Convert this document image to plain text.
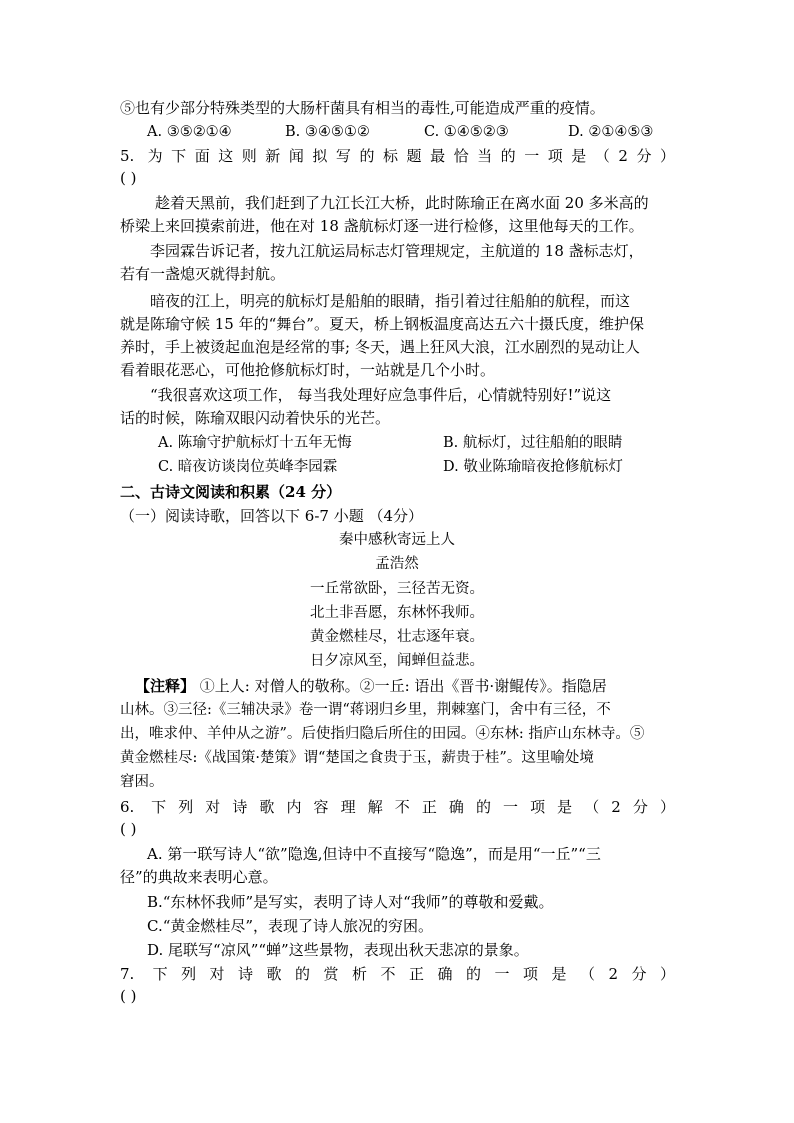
⑤也有少部分特殊类型的大肠杆菌具有相当的毒性,可能造成严重的疫情。
A. ③⑤②①④	B. ③④⑤①②	C. ①④⑤②③	D. ②①④⑤③
5. 为下面这则新闻拟写的标题最恰当的一项是（2分）
( )
趁着天黑前，我们赶到了九江长江大桥，此时陈瑜正在离水面 20 多米高的
桥梁上来回摸索前进，他在对 18 盏航标灯逐一进行检修，这里他每天的工作。
李园霖告诉记者，按九江航运局标志灯管理规定，主航道的 18 盏标志灯，
若有一盏熄灭就得封航。
暗夜的江上，明亮的航标灯是船舶的眼睛，指引着过往船舶的航程，而这
就是陈瑜守候 15 年的“舞台”。夏天，桥上钢板温度高达五六十摄氏度，维护保
养时，手上被烫起血泡是经常的事; 冬天，遇上狂风大浪，江水剧烈的晃动让人
看着眼花恶心，可他抢修航标灯时，一站就是几个小时。
“我很喜欢这项工作， 每当我处理好应急事件后，心情就特别好!”说这
话的时候，陈瑜双眼闪动着快乐的光芒。
A. 陈瑜守护航标灯十五年无悔	B. 航标灯，过往船舶的眼睛
C. 暗夜访谈岗位英峰李园霖	D. 敬业陈瑜暗夜抢修航标灯
二、古诗文阅读和积累（24 分）
（一）阅读诗歌，回答以下 6-7 小题 （4分）
秦中感秋寄远上人
孟浩然
一丘常欲卧，三径苦无资。
北土非吾愿，东林怀我师。
黄金燃桂尽，壮志逐年衰。
日夕凉风至，闻蝉但益悲。
【注释】 ①上人: 对僧人的敬称。②一丘: 语出《晋书·谢鲲传》。指隐居
山林。③三径:《三辅决录》卷一谓“蒋诩归乡里，荆棘塞门，舍中有三径，不
出，唯求仲、羊仲从之游”。后使指归隐后所住的田园。④东林: 指庐山东林寺。⑤
黄金燃桂尽:《战国策·楚策》谓“楚国之食贵于玉，薪贵于桂”。这里喻处境
窘困。
6. 下列对诗歌内容理解不正确的一项是（2分）
( )
A. 第一联写诗人“欲”隐逸,但诗中不直接写“隐逸”，而是用“一丘”“三
径”的典故来表明心意。
B.“东林怀我师”是写实，表明了诗人对“我师”的尊敬和爱戴。
C.“黄金燃桂尽”，表现了诗人旅况的穷困。
D. 尾联写“凉风”“蝉”这些景物，表现出秋天悲凉的景象。
7. 下列对诗歌的赏析不正确的一项是（2分）
( )
